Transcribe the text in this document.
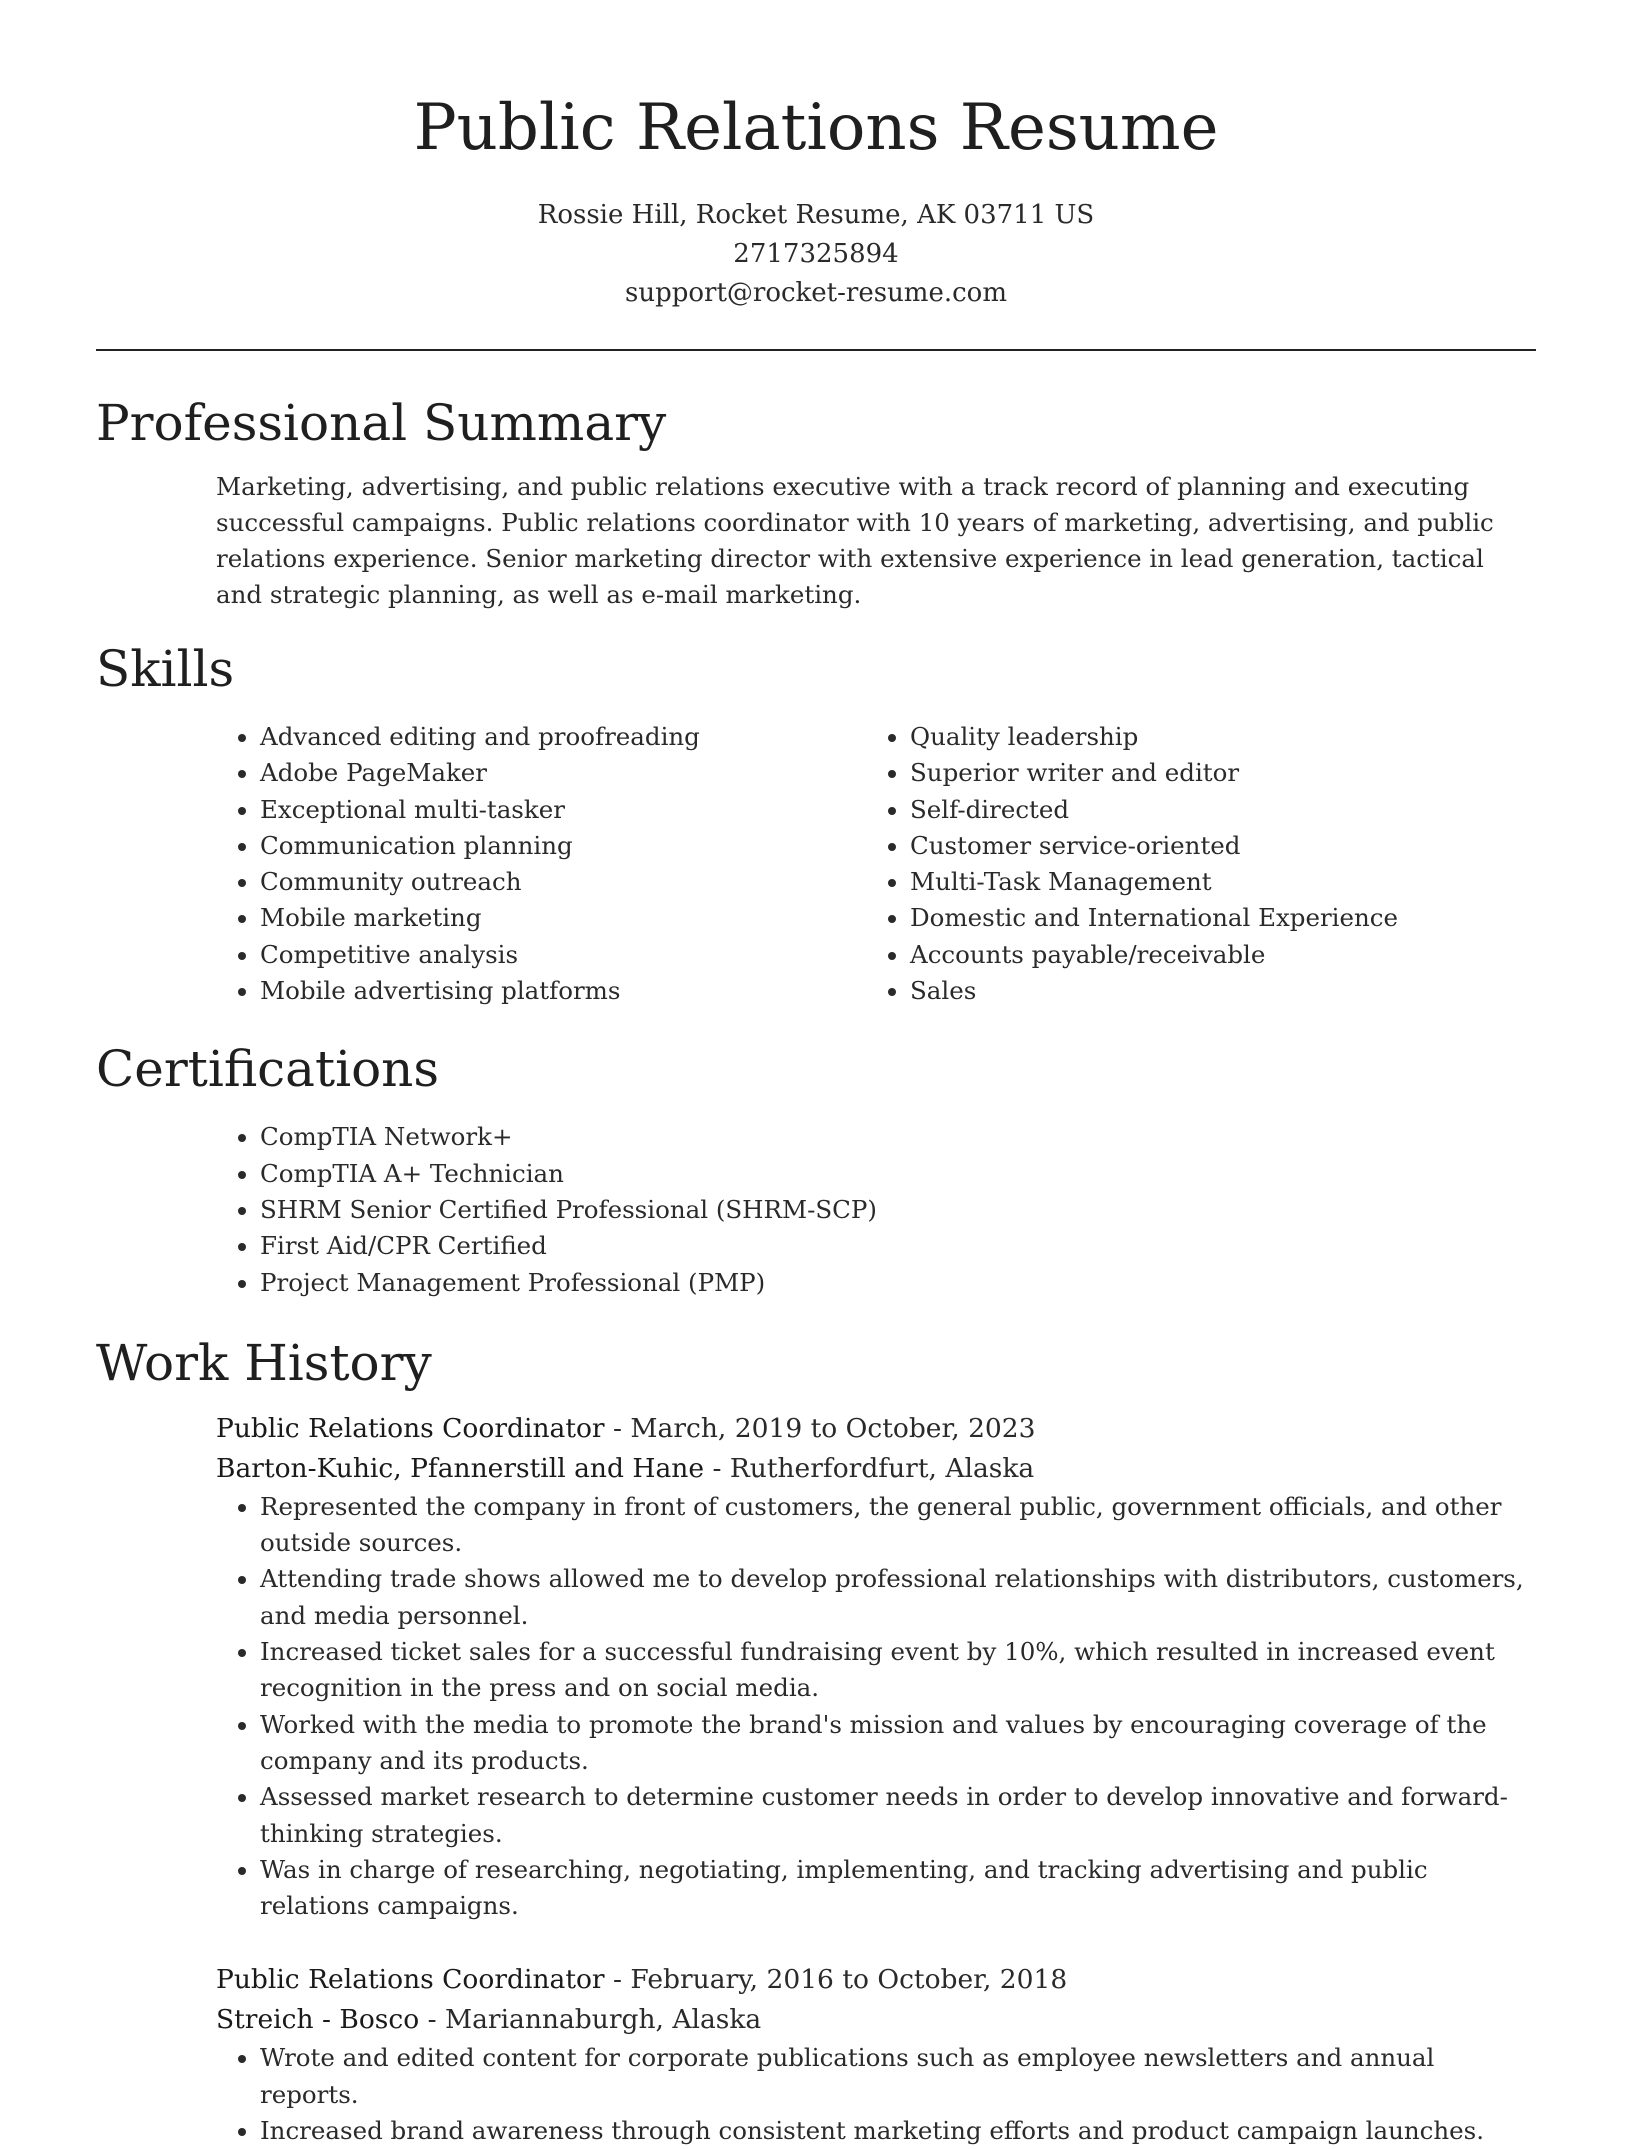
Public Relations Resume
Rossie Hill, Rocket Resume, AK 03711 US
2717325894
support@rocket-resume.com
Professional Summary

Marketing, advertising, and public relations executive with a track record of planning and executing successful campaigns. Public relations coordinator with 10 years of marketing, advertising, and public relations experience. Senior marketing director with extensive experience in lead generation, tactical and strategic planning, as well as e-mail marketing.

Skills
• Advanced editing and proofreading
• Adobe PageMaker
• Exceptional multi-tasker
• Communication planning
• Community outreach
• Mobile marketing
• Competitive analysis
• Mobile advertising platforms
• Quality leadership
• Superior writer and editor
• Self-directed
• Customer service-oriented
• Multi-Task Management
• Domestic and International Experience
• Accounts payable/receivable
• Sales
Certifications
• CompTIA Network+
• CompTIA A+ Technician
• SHRM Senior Certified Professional (SHRM-SCP)
• First Aid/CPR Certified
• Project Management Professional (PMP)
Work History
Public Relations Coordinator - March, 2019 to October, 2023
Barton-Kuhic, Pfannerstill and Hane - Rutherfordfurt, Alaska
• Represented the company in front of customers, the general public, government officials, and other outside sources.
• Attending trade shows allowed me to develop professional relationships with distributors, customers, and media personnel.
• Increased ticket sales for a successful fundraising event by 10%, which resulted in increased event recognition in the press and on social media.
• Worked with the media to promote the brand's mission and values by encouraging coverage of the company and its products.
• Assessed market research to determine customer needs in order to develop innovative and forward-thinking strategies.
• Was in charge of researching, negotiating, implementing, and tracking advertising and public relations campaigns.
Public Relations Coordinator - February, 2016 to October, 2018
Streich - Bosco - Mariannaburgh, Alaska
• Wrote and edited content for corporate publications such as employee newsletters and annual reports.
• Increased brand awareness through consistent marketing efforts and product campaign launches.
